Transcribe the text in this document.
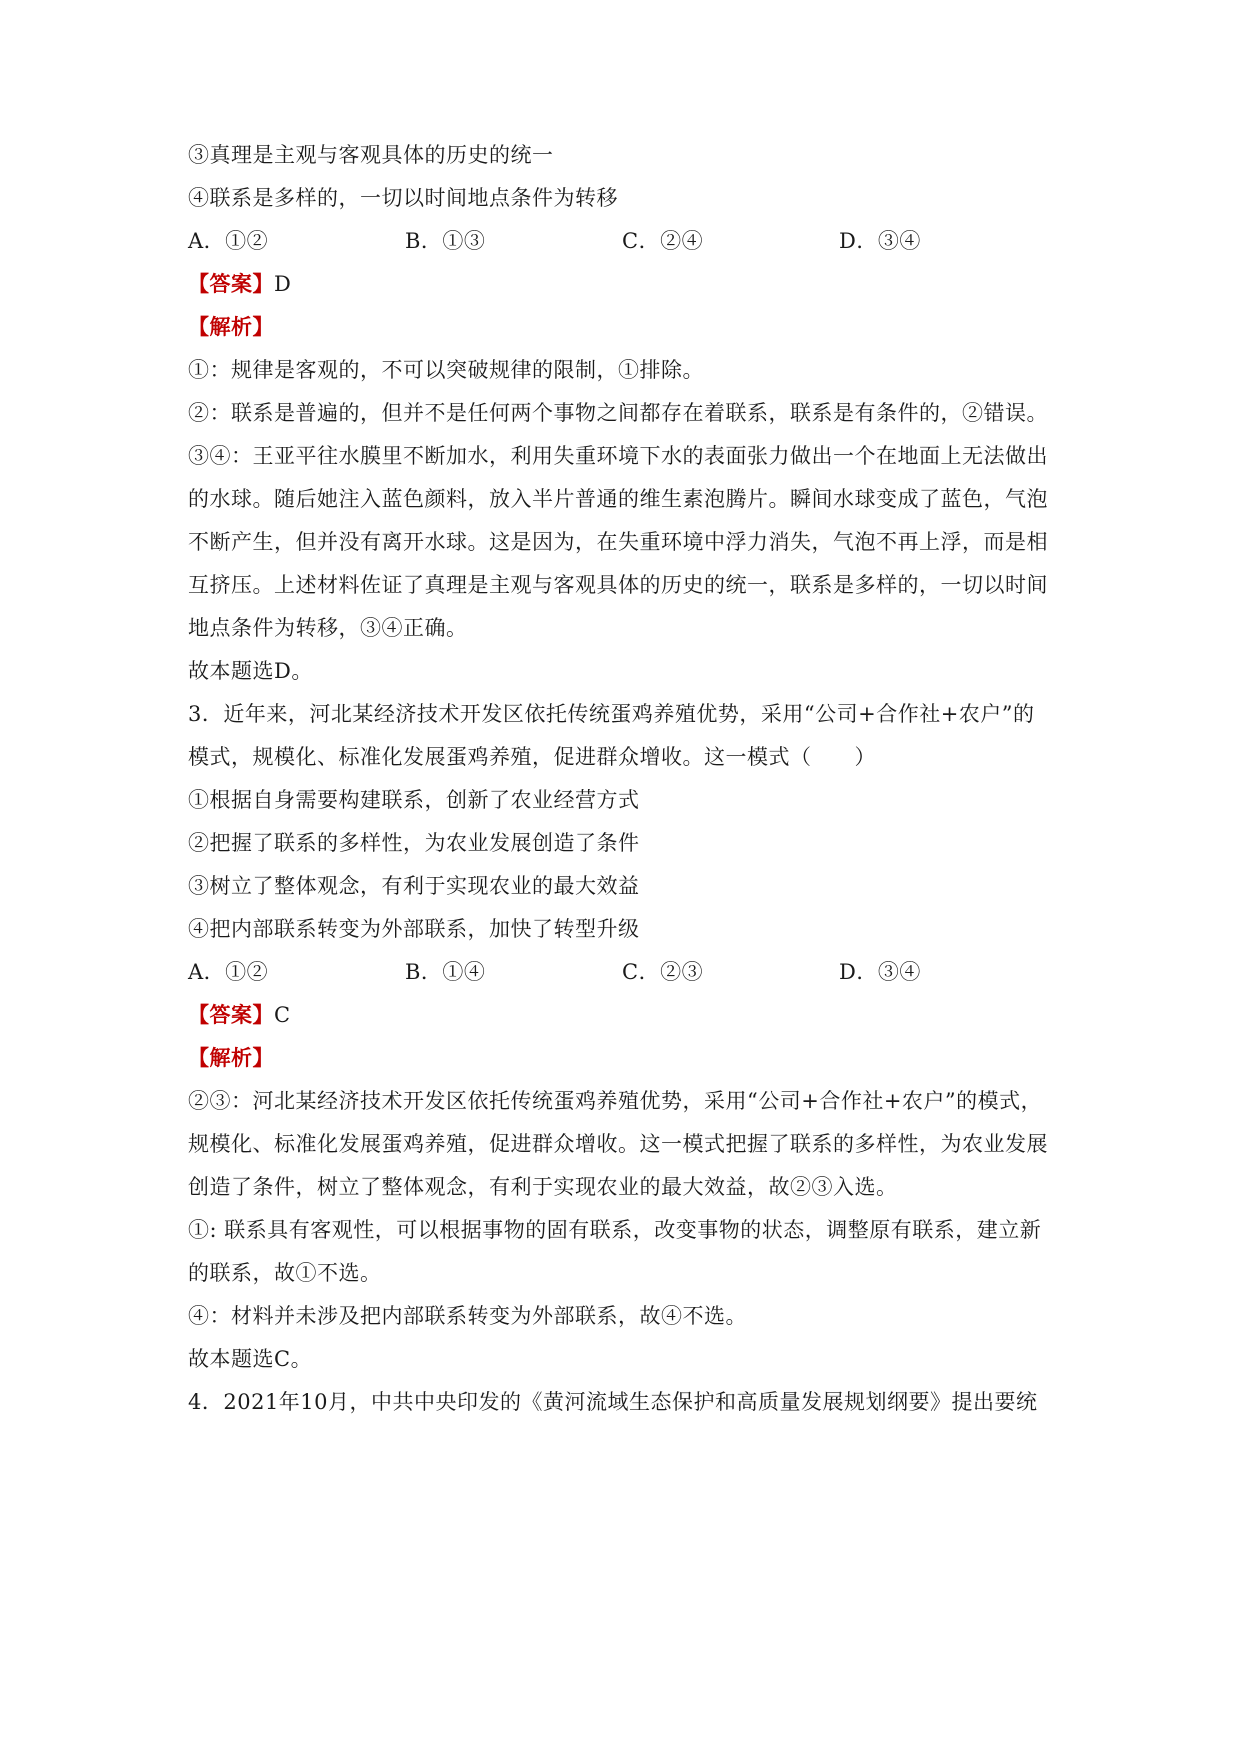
③真理是主观与客观具体的历史的统一
④联系是多样的，一切以时间地点条件为转移
A．①②	B．①③	C．②④	D．③④
【答案】D
【解析】
①：规律是客观的，不可以突破规律的限制，①排除。
②：联系是普遍的，但并不是任何两个事物之间都存在着联系，联系是有条件的，②错误。
③④：王亚平往水膜里不断加水，利用失重环境下水的表面张力做出一个在地面上无法做出
的水球。随后她注入蓝色颜料，放入半片普通的维生素泡腾片。瞬间水球变成了蓝色，气泡
不断产生，但并没有离开水球。这是因为，在失重环境中浮力消失，气泡不再上浮，而是相
互挤压。上述材料佐证了真理是主观与客观具体的历史的统一，联系是多样的，一切以时间
地点条件为转移，③④正确。
故本题选D。
3．近年来，河北某经济技术开发区依托传统蛋鸡养殖优势，采用“公司+合作社+农户”的
模式，规模化、标准化发展蛋鸡养殖，促进群众增收。这一模式（　　）
①根据自身需要构建联系，创新了农业经营方式
②把握了联系的多样性，为农业发展创造了条件
③树立了整体观念，有利于实现农业的最大效益
④把内部联系转变为外部联系，加快了转型升级
A．①②	B．①④	C．②③	D．③④
【答案】C
【解析】
②③：河北某经济技术开发区依托传统蛋鸡养殖优势，采用“公司+合作社+农户”的模式，
规模化、标准化发展蛋鸡养殖，促进群众增收。这一模式把握了联系的多样性，为农业发展
创造了条件，树立了整体观念，有利于实现农业的最大效益，故②③入选。
①: 联系具有客观性，可以根据事物的固有联系，改变事物的状态，调整原有联系，建立新
的联系，故①不选。
④：材料并未涉及把内部联系转变为外部联系，故④不选。
故本题选C。
4．2021年10月，中共中央印发的《黄河流域生态保护和高质量发展规划纲要》提出要统
